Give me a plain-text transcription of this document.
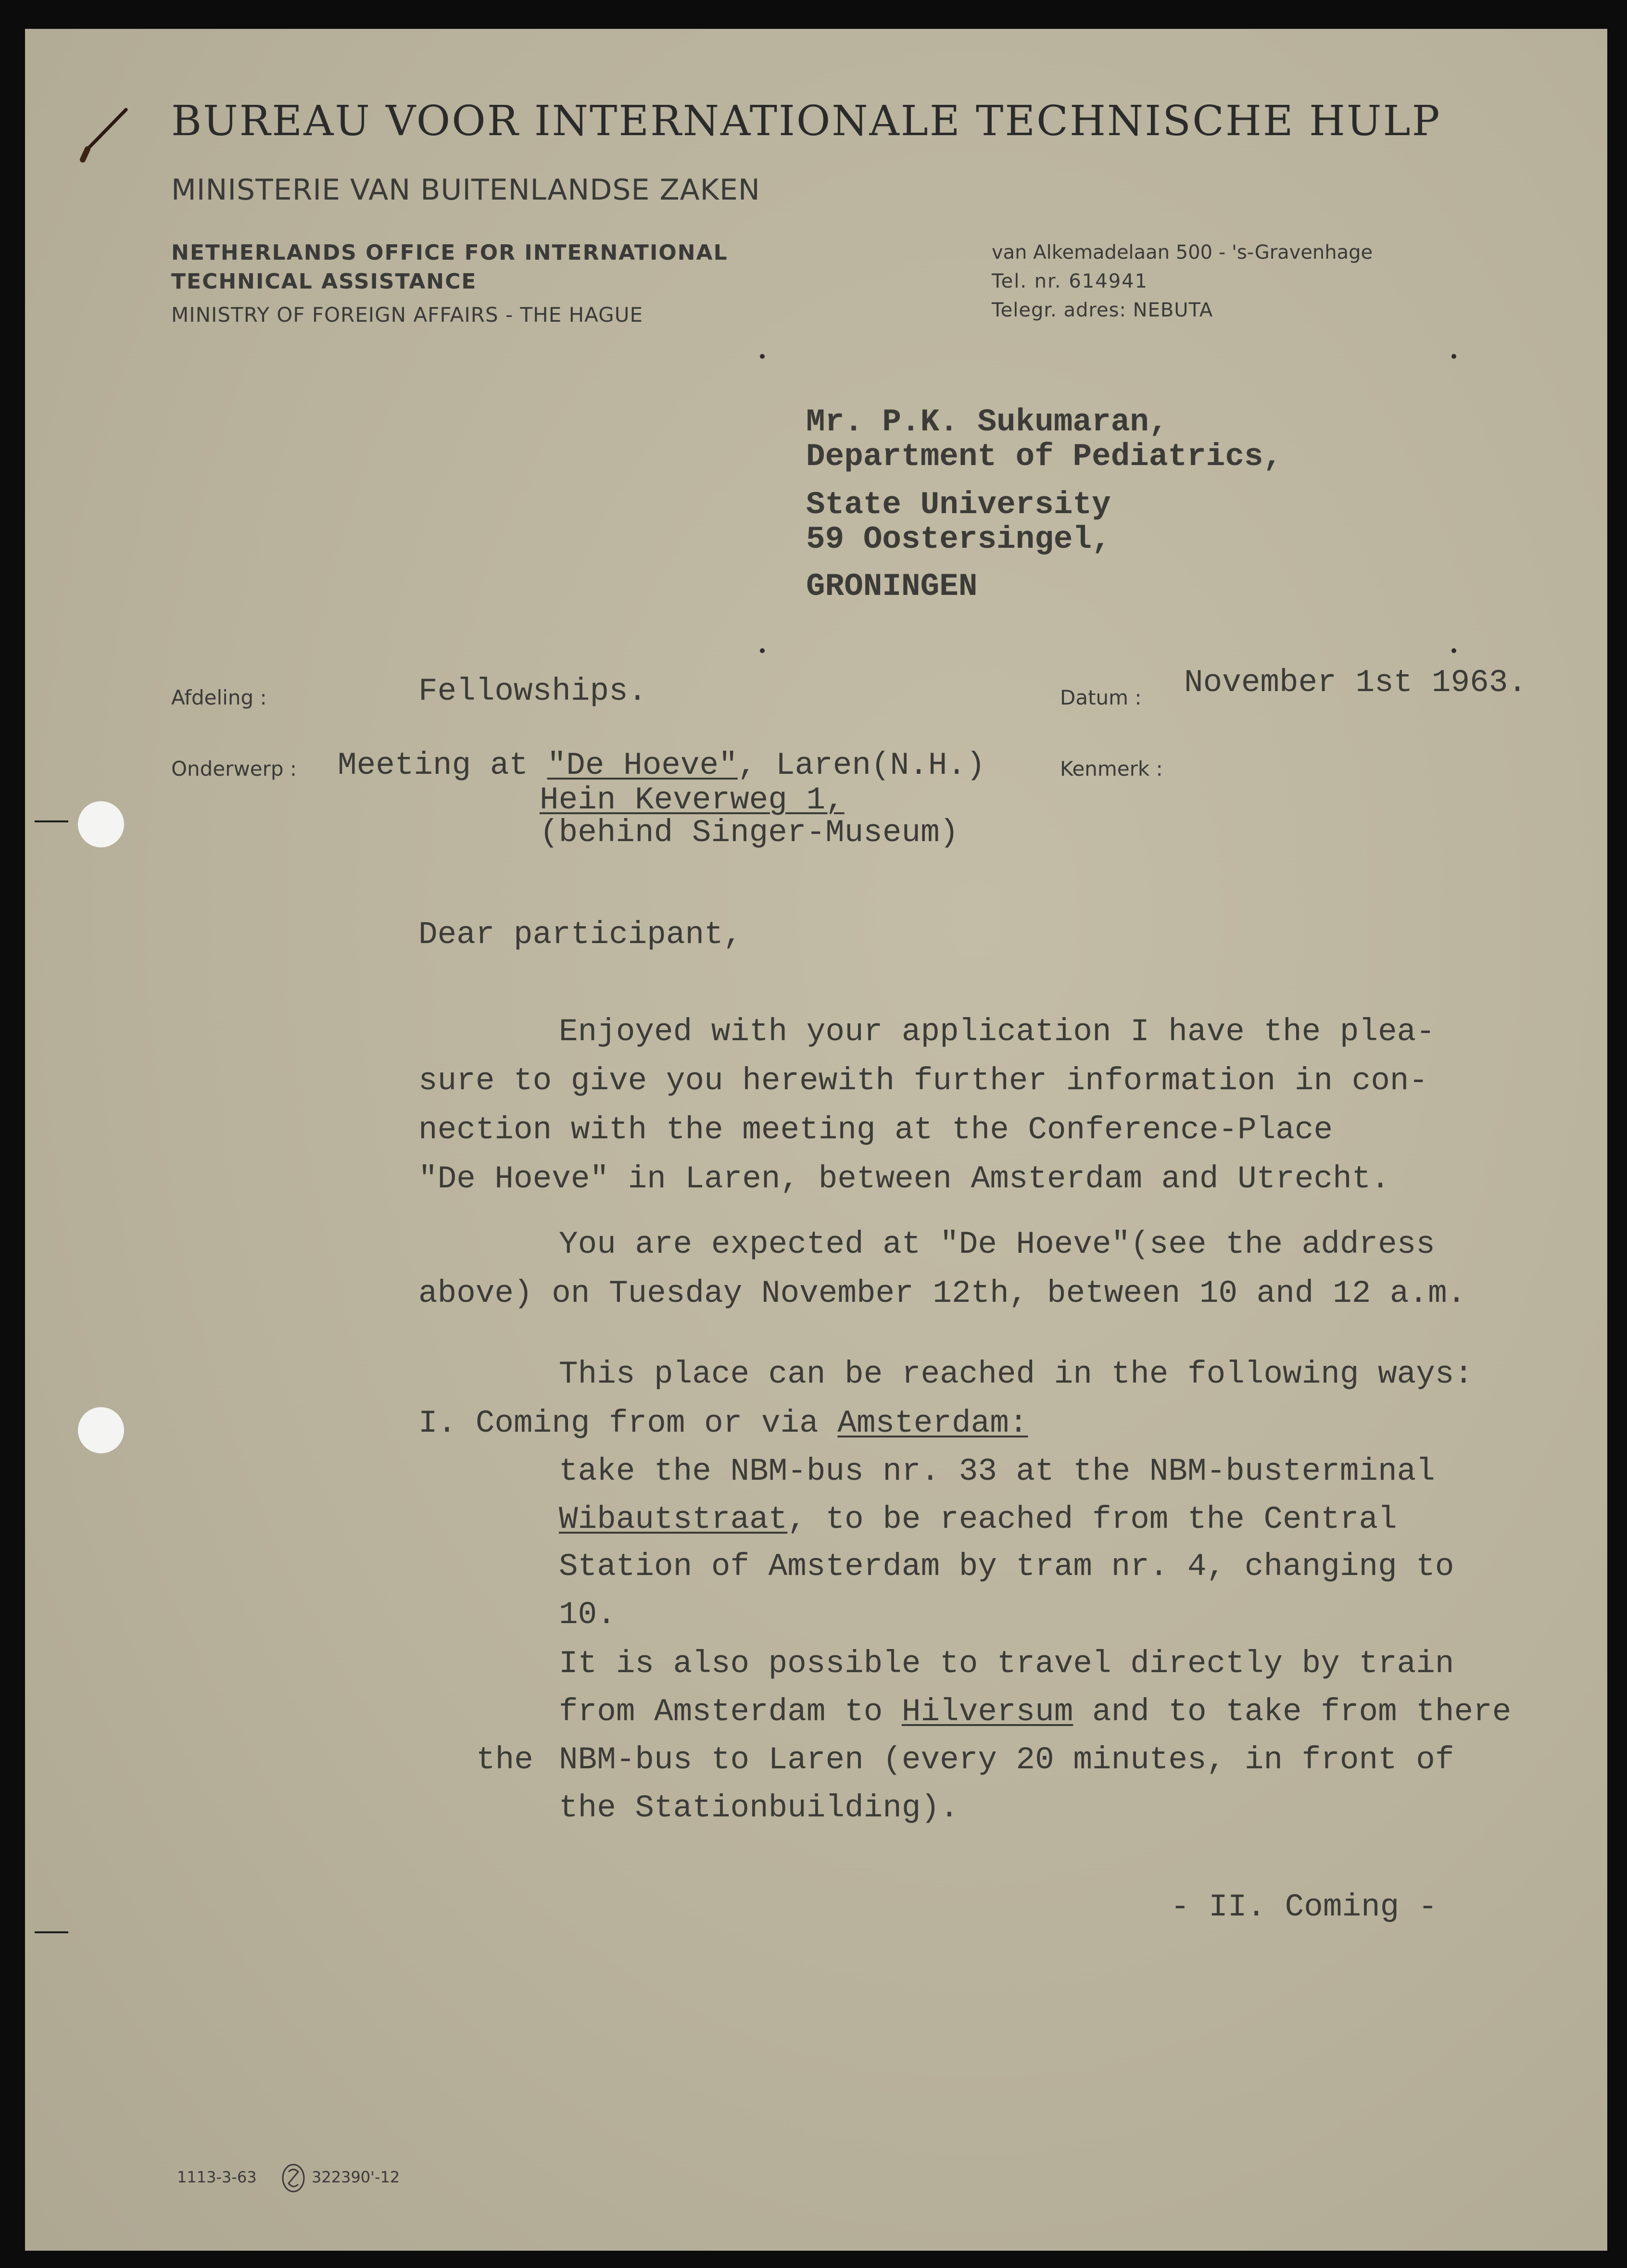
BUREAU VOOR INTERNATIONALE TECHNISCHE HULP

MINISTERIE VAN BUITENLANDSE ZAKEN

NETHERLANDS OFFICE FOR INTERNATIONAL

TECHNICAL ASSISTANCE

MINISTRY OF FOREIGN AFFAIRS - THE HAGUE

van Alkemadelaan 500 - 's-Gravenhage

Tel. nr. 614941

Telegr. adres: NEBUTA

Mr. P.K. Sukumaran,

Department of Pediatrics,

State University

59 Oostersingel,

GRONINGEN

Afdeling :	Fellowships.	Datum : November 1st 1963.

Onderwerp : Meeting at "De Hoeve", Laren(N.H.)

Hein Keverweg 1,

(behind Singer-Museum)

Kenmerk :

Dear participant,

Enjoyed with your application I have the plea-

sure to give you herewith further information in con-

nection with the meeting at the Conference-Place

"De Hoeve" in Laren, between Amsterdam and Utrecht.

You are expected at "De Hoeve"(see the address

above) on Tuesday November 12th, between 10 and 12 a.m.

This place can be reached in the following ways:

I. Coming from or via Amsterdam:

take the NBM-bus nr. 33 at the NBM-busterminal

Wibautstraat, to be reached from the Central

Station of Amsterdam by tram nr. 4, changing to

10.

It is also possible to travel directly by train

from Amsterdam to Hilversum and to take from there

the NBM-bus to Laren (every 20 minutes, in front of

the Stationbuilding).

- II. Coming -

1113-3-63	322390'-12
